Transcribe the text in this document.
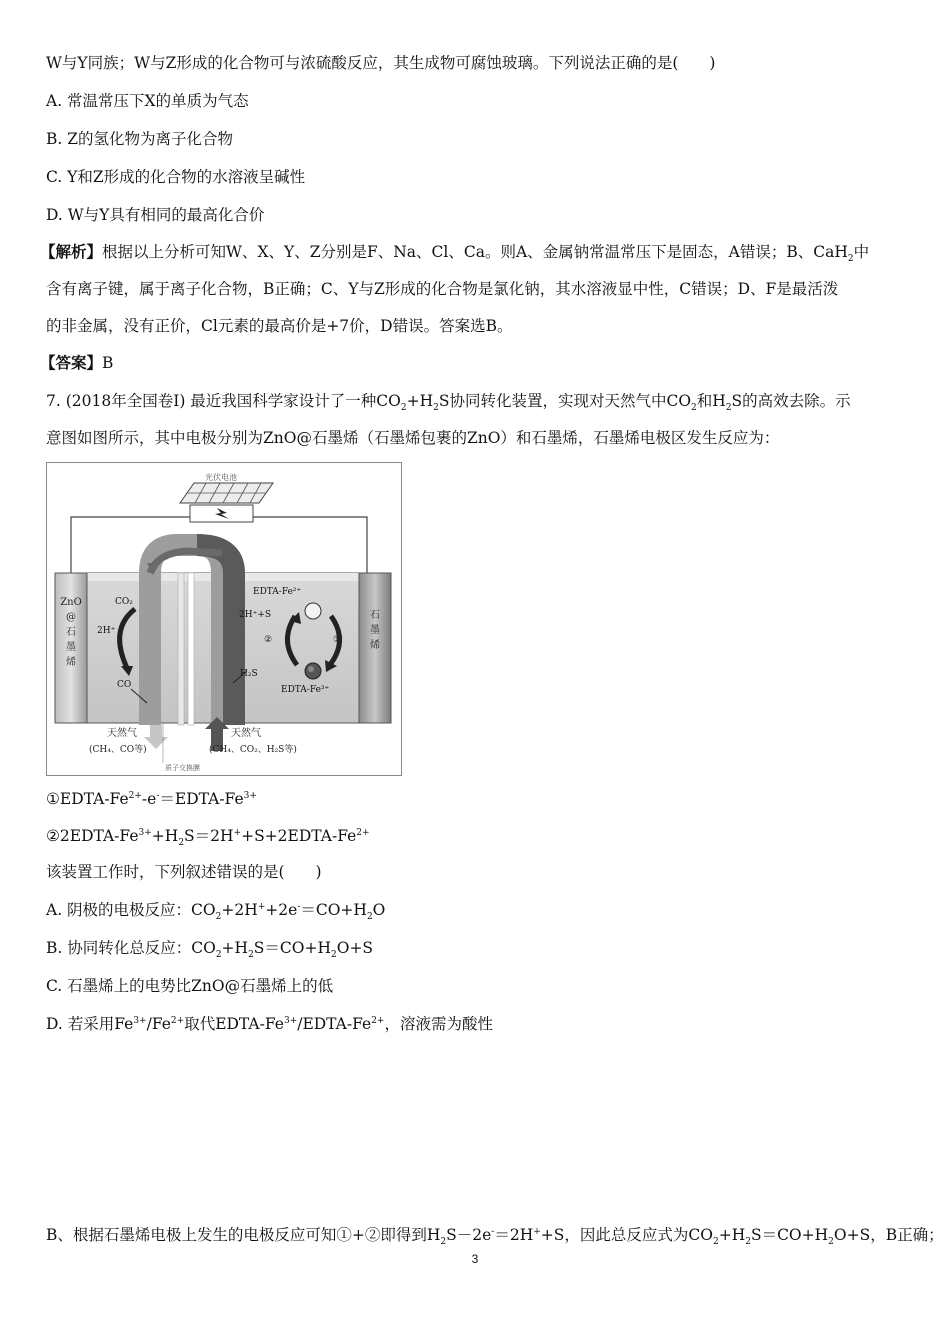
W与Y同族；W与Z形成的化合物可与浓硫酸反应，其生成物可腐蚀玻璃。下列说法正确的是(　　)
A. 常温常压下X的单质为气态
B. Z的氢化物为离子化合物
C. Y和Z形成的化合物的水溶液呈碱性
D. W与Y具有相同的最高化合价
【解析】根据以上分析可知W、X、Y、Z分别是F、Na、Cl、Ca。则A、金属钠常温常压下是固态，A错误；B、CaH$_2$中
含有离子键，属于离子化合物，B正确；C、Y与Z形成的化合物是氯化钠，其水溶液显中性，C错误；D、F是最活泼
的非金属，没有正价，Cl元素的最高价是+7价，D错误。答案选B。
【答案】B
7. (2018年全国卷Ⅰ) 最近我国科学家设计了一种$CO_2+H_2S$协同转化装置，实现对天然气中$CO_2$和$H_2S$的高效去除。示
意图如图所示，其中电极分别为ZnO@石墨烯（石墨烯包裹的ZnO）和石墨烯，石墨烯电极区发生反应为：
光伏电池
ZnO
@
石
墨
烯
石
墨
烯
CO₂
2H⁺
CO
EDTA-Fe²⁺
2H⁺+S
②	①
H₂S
EDTA-Fe³⁺
天然气
(CH₄、CO等)
天然气
(CH₄、CO₂、H₂S等)
质子交换膜
①EDTA-$Fe^{2+}-e^-=EDTA-Fe^{3+}$
$②2EDTA-Fe^{3+}+H_2S=2H^++S+2EDTA-Fe^{2+}$
该装置工作时，下列叙述错误的是(　　)
A. 阴极的电极反应：$CO_2+2H^++2e^-=CO+H_2O$
B. 协同转化总反应：$CO_2+H_2S=CO+H_2O+S$
C. 石墨烯上的电势比ZnO@石墨烯上的低
D. 若采用$Fe^{3+}/Fe^{2+}$取代EDTA-$Fe^{3+}/EDTA-Fe^{2+}$，溶液需为酸性
B、根据石墨烯电极上发生的电极反应可知①+②即得到$H_2S-2e^-=2H^++S$，因此总反应式为$CO_2+H_2S=CO+H_2O+S$，B正确；
3
